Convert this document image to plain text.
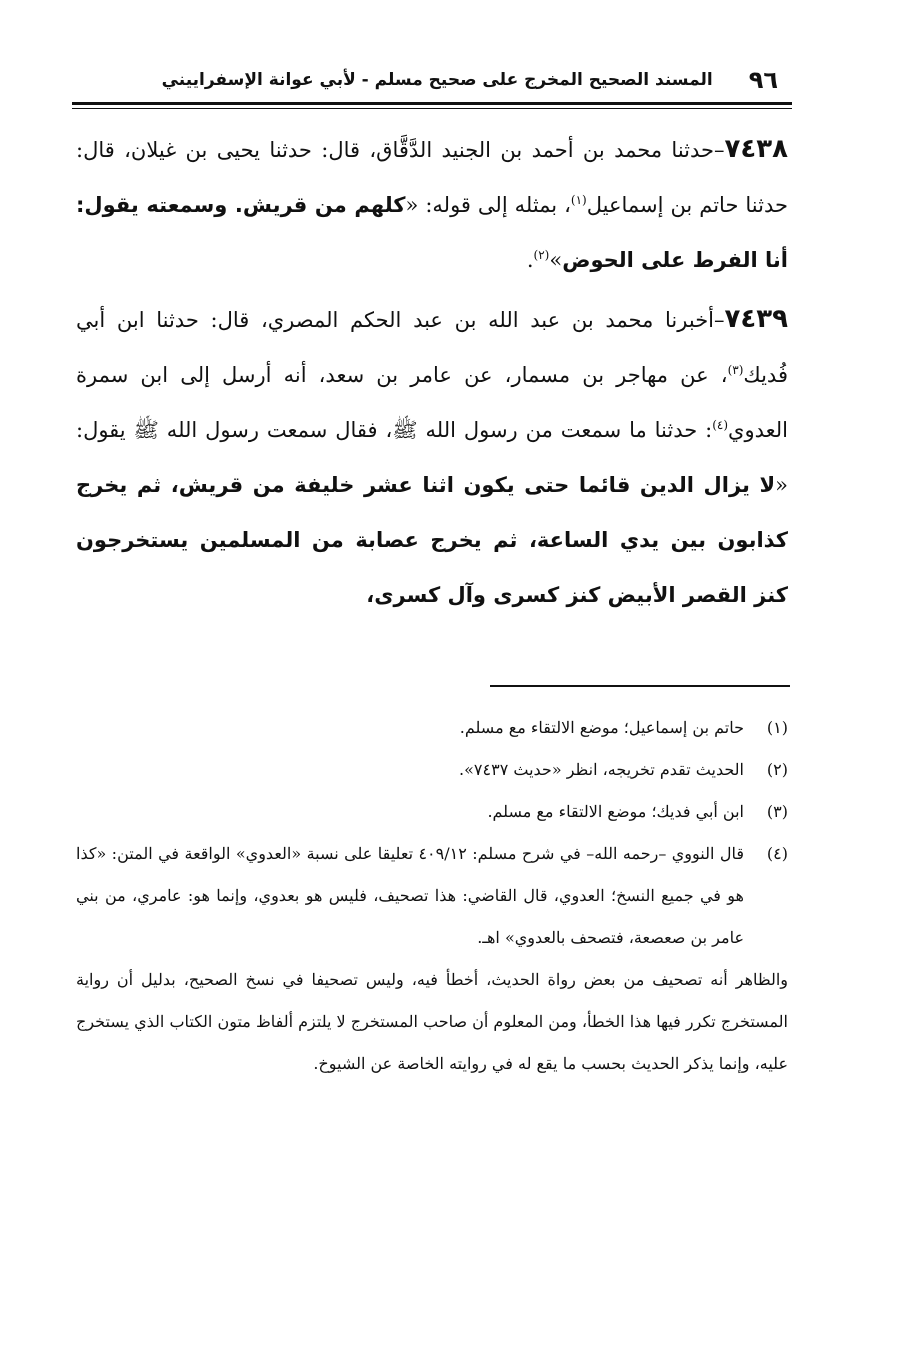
٩٦
المسند الصحيح المخرج على صحيح مسلم - لأبي عوانة الإسفراييني

٧٤٣٨–حدثنا محمد بن أحمد بن الجنيد الدَّقَّاق، قال: حدثنا يحيى بن غيلان، قال: حدثنا حاتم بن إسماعيل$^{(١)}$، بمثله إلى قوله: «كلهم من قريش. وسمعته يقول: أنا الفرط على الحوض»$^{(٢)}$.

٧٤٣٩–أخبرنا محمد بن عبد الله بن عبد الحكم المصري، قال: حدثنا ابن أبي فُديك$^{(٣)}$، عن مهاجر بن مسمار، عن عامر بن سعد، أنه أرسل إلى ابن سمرة العدوي$^{(٤)}$: حدثنا ما سمعت من رسول الله ﷺ، فقال سمعت رسول الله ﷺ يقول: «لا يزال الدين قائما حتى يكون اثنا عشر خليفة من قريش، ثم يخرج كذابون بين يدي الساعة، ثم يخرج عصابة من المسلمين يستخرجون كنز القصر الأبيض كنز كسرى وآل كسرى،

(١)

حاتم بن إسماعيل؛ موضع الالتقاء مع مسلم.

(٢)

الحديث تقدم تخريجه، انظر «حديث ٧٤٣٧».

(٣)

ابن أبي فديك؛ موضع الالتقاء مع مسلم.

(٤)

قال النووي –رحمه الله– في شرح مسلم: ٤٠٩/١٢ تعليقا على نسبة «العدوي» الواقعة في المتن: «كذا هو في جميع النسخ؛ العدوي، قال القاضي: هذا تصحيف، فليس هو بعدوي، وإنما هو: عامري، من بني عامر بن صعصعة، فتصحف بالعدوي» اهـ.

والظاهر أنه تصحيف من بعض رواة الحديث، أخطأ فيه، وليس تصحيفا في نسخ الصحيح، بدليل أن رواية المستخرج تكرر فيها هذا الخطأ، ومن المعلوم أن صاحب المستخرج لا يلتزم ألفاظ متون الكتاب الذي يستخرج عليه، وإنما يذكر الحديث بحسب ما يقع له في روايته الخاصة عن الشيوخ.
